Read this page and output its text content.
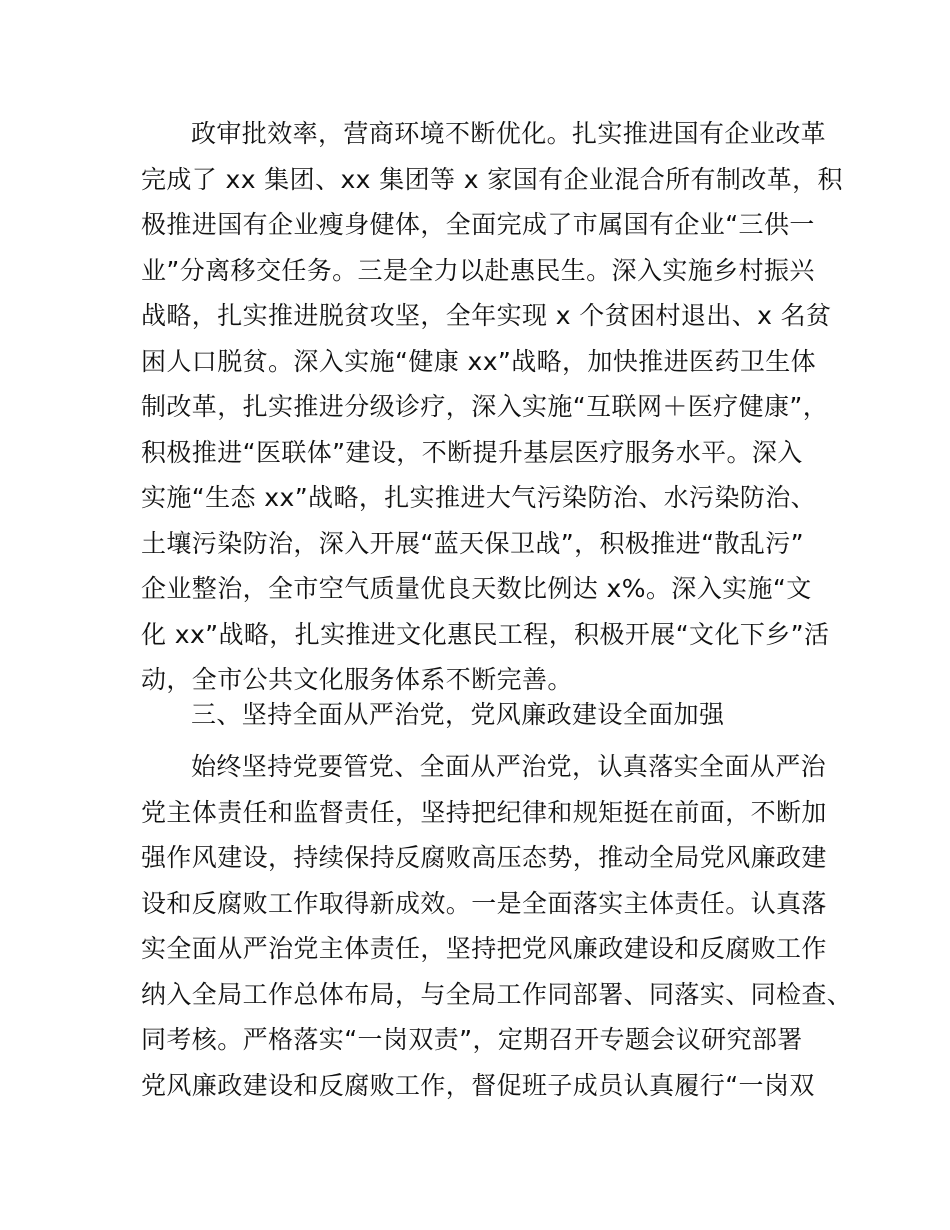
政审批效率，营商环境不断优化。扎实推进国有企业改革
完成了 xx 集团、xx 集团等 x 家国有企业混合所有制改革，积
极推进国有企业瘦身健体，全面完成了市属国有企业“三供一
业”分离移交任务。三是全力以赴惠民生。深入实施乡村振兴
战略，扎实推进脱贫攻坚，全年实现 x 个贫困村退出、x 名贫
困人口脱贫。深入实施“健康 xx”战略，加快推进医药卫生体
制改革，扎实推进分级诊疗，深入实施“互联网＋医疗健康”，
积极推进“医联体”建设，不断提升基层医疗服务水平。深入
实施“生态 xx”战略，扎实推进大气污染防治、水污染防治、
土壤污染防治，深入开展“蓝天保卫战”，积极推进“散乱污”
企业整治，全市空气质量优良天数比例达 x%。深入实施“文
化 xx”战略，扎实推进文化惠民工程，积极开展“文化下乡”活
动，全市公共文化服务体系不断完善。
三、坚持全面从严治党，党风廉政建设全面加强
始终坚持党要管党、全面从严治党，认真落实全面从严治
党主体责任和监督责任，坚持把纪律和规矩挺在前面，不断加
强作风建设，持续保持反腐败高压态势，推动全局党风廉政建
设和反腐败工作取得新成效。一是全面落实主体责任。认真落
实全面从严治党主体责任，坚持把党风廉政建设和反腐败工作
纳入全局工作总体布局，与全局工作同部署、同落实、同检查、
同考核。严格落实“一岗双责”，定期召开专题会议研究部署
党风廉政建设和反腐败工作，督促班子成员认真履行“一岗双
